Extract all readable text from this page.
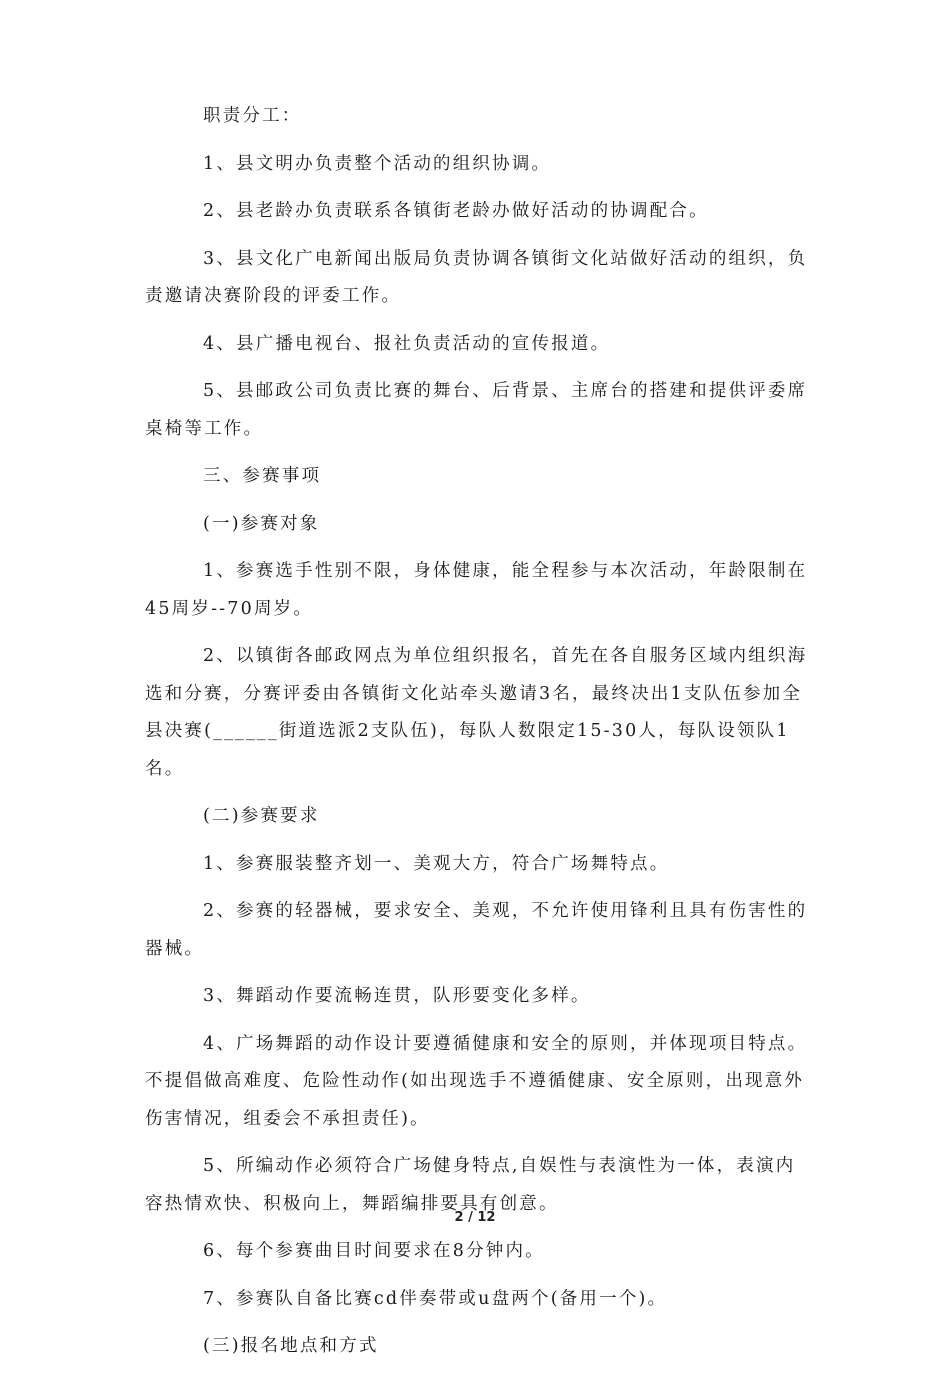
职责分工：

1、县文明办负责整个活动的组织协调。

2、县老龄办负责联系各镇街老龄办做好活动的协调配合。

3、县文化广电新闻出版局负责协调各镇街文化站做好活动的组织，负责邀请决赛阶段的评委工作。

4、县广播电视台、报社负责活动的宣传报道。

5、县邮政公司负责比赛的舞台、后背景、主席台的搭建和提供评委席桌椅等工作。

三、参赛事项

(一)参赛对象

1、参赛选手性别不限，身体健康，能全程参与本次活动，年龄限制在45周岁--70周岁。

2、以镇街各邮政网点为单位组织报名，首先在各自服务区域内组织海选和分赛，分赛评委由各镇街文化站牵头邀请3名，最终决出1支队伍参加全县决赛(______街道选派2支队伍)，每队人数限定15-30人，每队设领队1名。

(二)参赛要求

1、参赛服装整齐划一、美观大方，符合广场舞特点。

2、参赛的轻器械，要求安全、美观，不允许使用锋利且具有伤害性的器械。

3、舞蹈动作要流畅连贯，队形要变化多样。

4、广场舞蹈的动作设计要遵循健康和安全的原则，并体现项目特点。不提倡做高难度、危险性动作(如出现选手不遵循健康、安全原则，出现意外伤害情况，组委会不承担责任)。

5、所编动作必须符合广场健身特点,自娱性与表演性为一体，表演内容热情欢快、积极向上，舞蹈编排要具有创意。

6、每个参赛曲目时间要求在8分钟内。

7、参赛队自备比赛cd伴奏带或u盘两个(备用一个)。

(三)报名地点和方式

2 / 12
